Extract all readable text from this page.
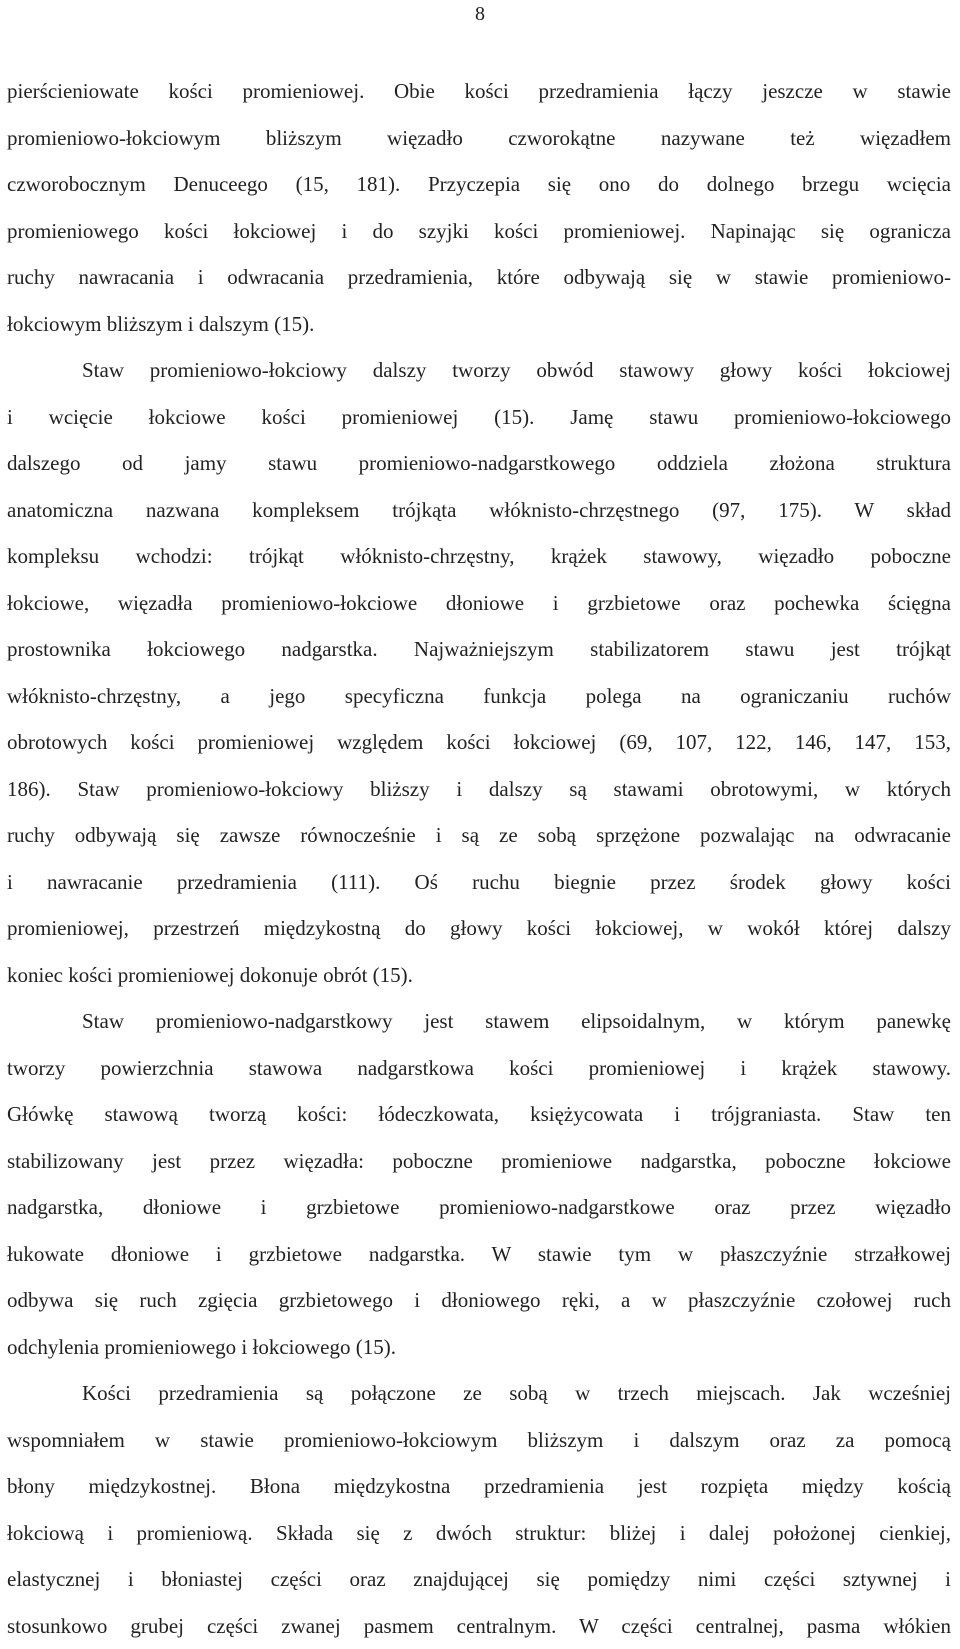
8
pierścieniowate kości promieniowej. Obie kości przedramienia łączy jeszcze w stawie
promieniowo-łokciowym bliższym więzadło czworokątne nazywane też więzadłem
czworobocznym Denuceego (15, 181). Przyczepia się ono do dolnego brzegu wcięcia
promieniowego kości łokciowej i do szyjki kości promieniowej. Napinając się ogranicza
ruchy nawracania i odwracania przedramienia, które odbywają się w stawie promieniowo-
łokciowym bliższym i dalszym (15).
Staw promieniowo-łokciowy dalszy tworzy obwód stawowy głowy kości łokciowej
i wcięcie łokciowe kości promieniowej (15). Jamę stawu promieniowo-łokciowego
dalszego od jamy stawu promieniowo-nadgarstkowego oddziela złożona struktura
anatomiczna nazwana kompleksem trójkąta włóknisto-chrzęstnego (97, 175). W skład
kompleksu wchodzi: trójkąt włóknisto-chrzęstny, krążek stawowy, więzadło poboczne
łokciowe, więzadła promieniowo-łokciowe dłoniowe i grzbietowe oraz pochewka ścięgna
prostownika łokciowego nadgarstka. Najważniejszym stabilizatorem stawu jest trójkąt
włóknisto-chrzęstny, a jego specyficzna funkcja polega na ograniczaniu ruchów
obrotowych kości promieniowej względem kości łokciowej (69, 107, 122, 146, 147, 153,
186). Staw promieniowo-łokciowy bliższy i dalszy są stawami obrotowymi, w których
ruchy odbywają się zawsze równocześnie i są ze sobą sprzężone pozwalając na odwracanie
i nawracanie przedramienia (111). Oś ruchu biegnie przez środek głowy kości
promieniowej, przestrzeń międzykostną do głowy kości łokciowej, w wokół której dalszy
koniec kości promieniowej dokonuje obrót (15).
Staw promieniowo-nadgarstkowy jest stawem elipsoidalnym, w którym panewkę
tworzy powierzchnia stawowa nadgarstkowa kości promieniowej i krążek stawowy.
Główkę stawową tworzą kości: łódeczkowata, księżycowata i trójgraniasta. Staw ten
stabilizowany jest przez więzadła: poboczne promieniowe nadgarstka, poboczne łokciowe
nadgarstka, dłoniowe i grzbietowe promieniowo-nadgarstkowe oraz przez więzadło
łukowate dłoniowe i grzbietowe nadgarstka. W stawie tym w płaszczyźnie strzałkowej
odbywa się ruch zgięcia grzbietowego i dłoniowego ręki, a w płaszczyźnie czołowej ruch
odchylenia promieniowego i łokciowego (15).
Kości przedramienia są połączone ze sobą w trzech miejscach. Jak wcześniej
wspomniałem w stawie promieniowo-łokciowym bliższym i dalszym oraz za pomocą
błony międzykostnej. Błona międzykostna przedramienia jest rozpięta między kością
łokciową i promieniową. Składa się z dwóch struktur: bliżej i dalej położonej cienkiej,
elastycznej i błoniastej części oraz znajdującej się pomiędzy nimi części sztywnej i
stosunkowo grubej części zwanej pasmem centralnym. W części centralnej, pasma włókien
